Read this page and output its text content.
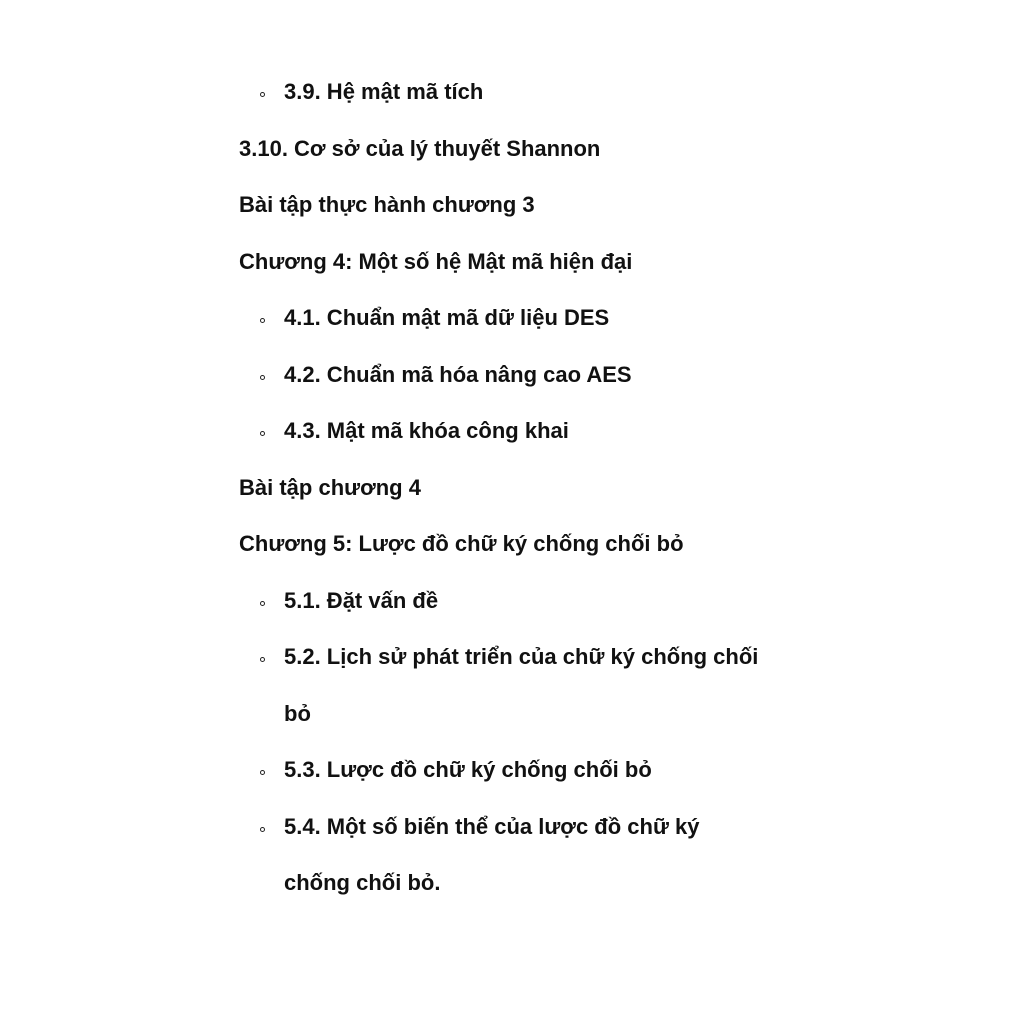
3.9. Hệ mật mã tích
3.10. Cơ sở của lý thuyết Shannon
Bài tập thực hành chương 3
Chương 4: Một số hệ Mật mã hiện đại
4.1. Chuẩn mật mã dữ liệu DES
4.2. Chuẩn mã hóa nâng cao AES
4.3. Mật mã khóa công khai
Bài tập chương 4
Chương 5: Lược đồ chữ ký chống chối bỏ
5.1. Đặt vấn đề
5.2. Lịch sử phát triển của chữ ký chống chối
bỏ
5.3. Lược đồ chữ ký chống chối bỏ
5.4. Một số biến thể của lược đồ chữ ký
chống chối bỏ.
